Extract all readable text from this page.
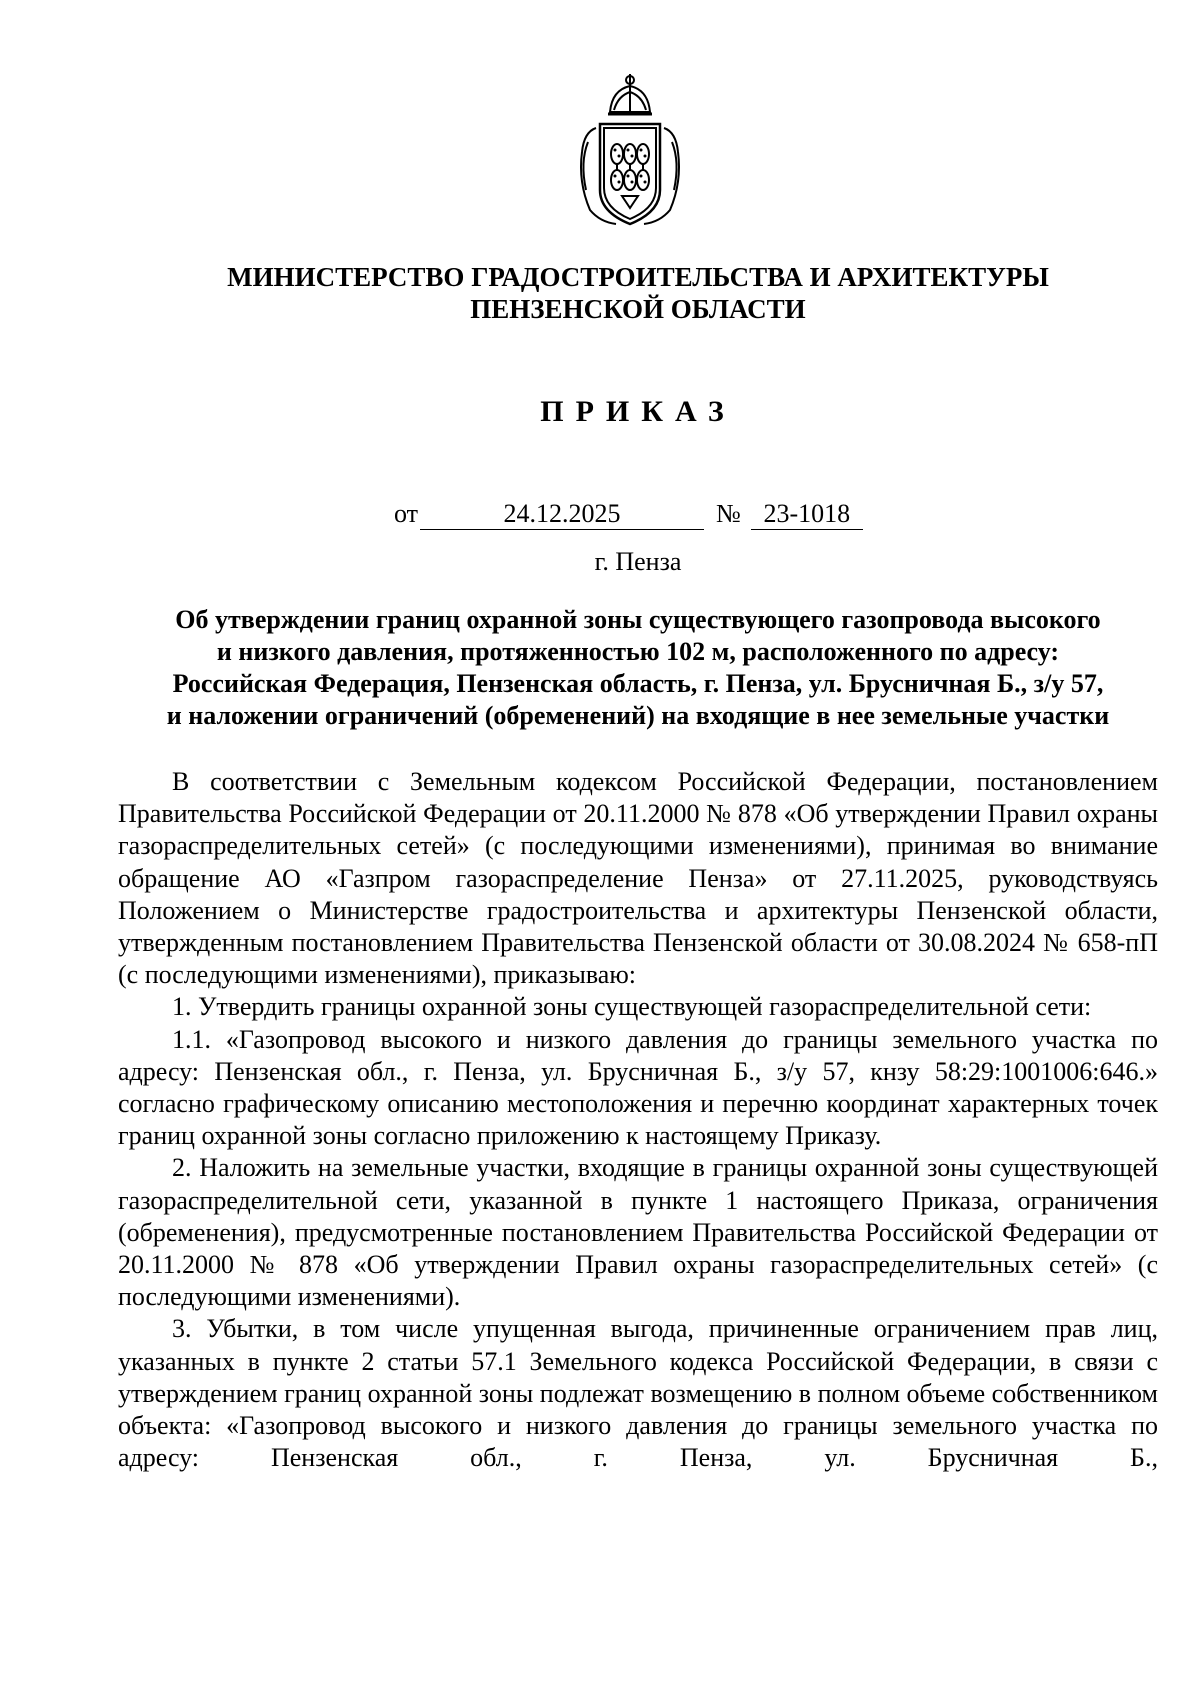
МИНИСТЕРСТВО ГРАДОСТРОИТЕЛЬСТВА И АРХИТЕКТУРЫ
ПЕНЗЕНСКОЙ ОБЛАСТИ
ПРИКАЗ
от	24.12.2025	№ 23-1018
г. Пенза
Об утверждении границ охранной зоны существующего газопровода высокого
и низкого давления, протяженностью 102 м, расположенного по адресу:
Российская Федерация, Пензенская область, г. Пенза, ул. Брусничная Б., з/у 57,
и наложении ограничений (обременений) на входящие в нее земельные участки

В соответствии с Земельным кодексом Российской Федерации, постановлением Правительства Российской Федерации от 20.11.2000 № 878 «Об утверждении Правил охраны газораспределительных сетей» (с последующими изменениями), принимая во внимание обращение АО «Газпром газораспределение Пенза» от 27.11.2025, руководствуясь Положением о Министерстве градостроительства и архитектуры Пензенской области, утвержденным постановлением Правительства Пензенской области от 30.08.2024 № 658-пП (с последующими изменениями), приказываю:

1. Утвердить границы охранной зоны существующей газораспределительной сети:

1.1. «Газопровод высокого и низкого давления до границы земельного участка по адресу: Пензенская обл., г. Пенза, ул. Брусничная Б., з/у 57, кнзу 58:29:1001006:646.» согласно графическому описанию местоположения и перечню координат характерных точек границ охранной зоны согласно приложению к настоящему Приказу.

2. Наложить на земельные участки, входящие в границы охранной зоны существующей газораспределительной сети, указанной в пункте 1 настоящего Приказа, ограничения (обременения), предусмотренные постановлением Правительства Российской Федерации от 20.11.2000 № 878 «Об утверждении Правил охраны газораспределительных сетей» (с последующими изменениями).

3. Убытки, в том числе упущенная выгода, причиненные ограничением прав лиц, указанных в пункте 2 статьи 57.1 Земельного кодекса Российской Федерации, в связи с утверждением границ охранной зоны подлежат возмещению в полном объеме собственником объекта: «Газопровод высокого и низкого давления до границы земельного участка по адресу: Пензенская обл., г. Пенза, ул. Брусничная Б.,
